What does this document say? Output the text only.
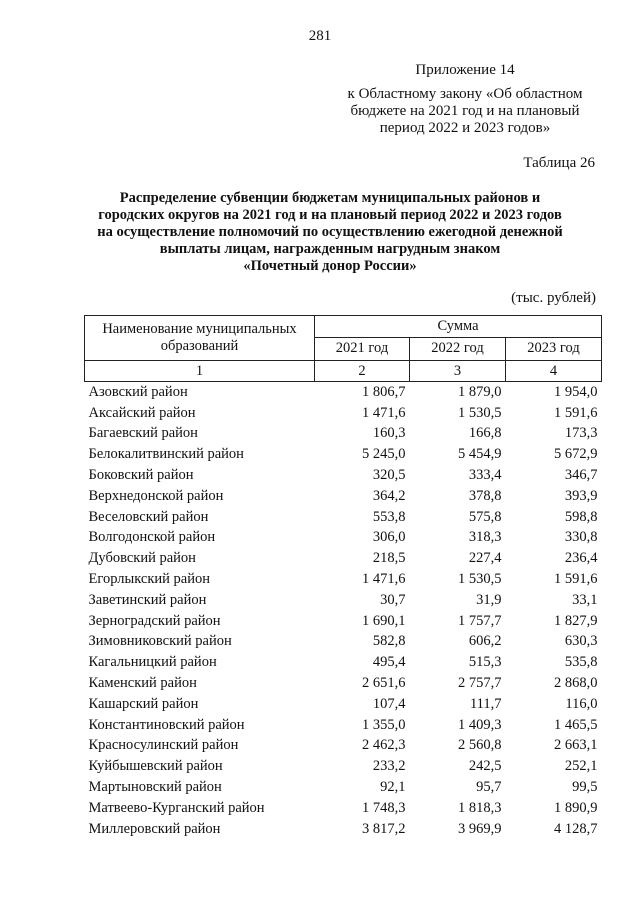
281
Приложение 14
к Областному закону «Об областном
бюджете на 2021 год и на плановый
период 2022 и 2023 годов»
Таблица 26
Распределение субвенции бюджетам муниципальных районов и
городских округов на 2021 год и на плановый период 2022 и 2023 годов
на осуществление полномочий по осуществлению ежегодной денежной
выплаты лицам, награжденным нагрудным знаком
«Почетный донор России»
(тыс. рублей)
Наименование муниципальных образований	Сумма		
	2021 год	2022 год	2023 год
1	2	3	4
Азовский район	1 806,7	1 879,0	1 954,0
Аксайский район	1 471,6	1 530,5	1 591,6
Багаевский район	160,3	166,8	173,3
Белокалитвинский район	5 245,0	5 454,9	5 672,9
Боковский район	320,5	333,4	346,7
Верхнедонской район	364,2	378,8	393,9
Веселовский район	553,8	575,8	598,8
Волгодонской район	306,0	318,3	330,8
Дубовский район	218,5	227,4	236,4
Егорлыкский район	1 471,6	1 530,5	1 591,6
Заветинский район	30,7	31,9	33,1
Зерноградский район	1 690,1	1 757,7	1 827,9
Зимовниковский район	582,8	606,2	630,3
Кагальницкий район	495,4	515,3	535,8
Каменский район	2 651,6	2 757,7	2 868,0
Кашарский район	107,4	111,7	116,0
Константиновский район	1 355,0	1 409,3	1 465,5
Красносулинский район	2 462,3	2 560,8	2 663,1
Куйбышевский район	233,2	242,5	252,1
Мартыновский район	92,1	95,7	99,5
Матвеево-Курганский район	1 748,3	1 818,3	1 890,9
Миллеровский район	3 817,2	3 969,9	4 128,7
